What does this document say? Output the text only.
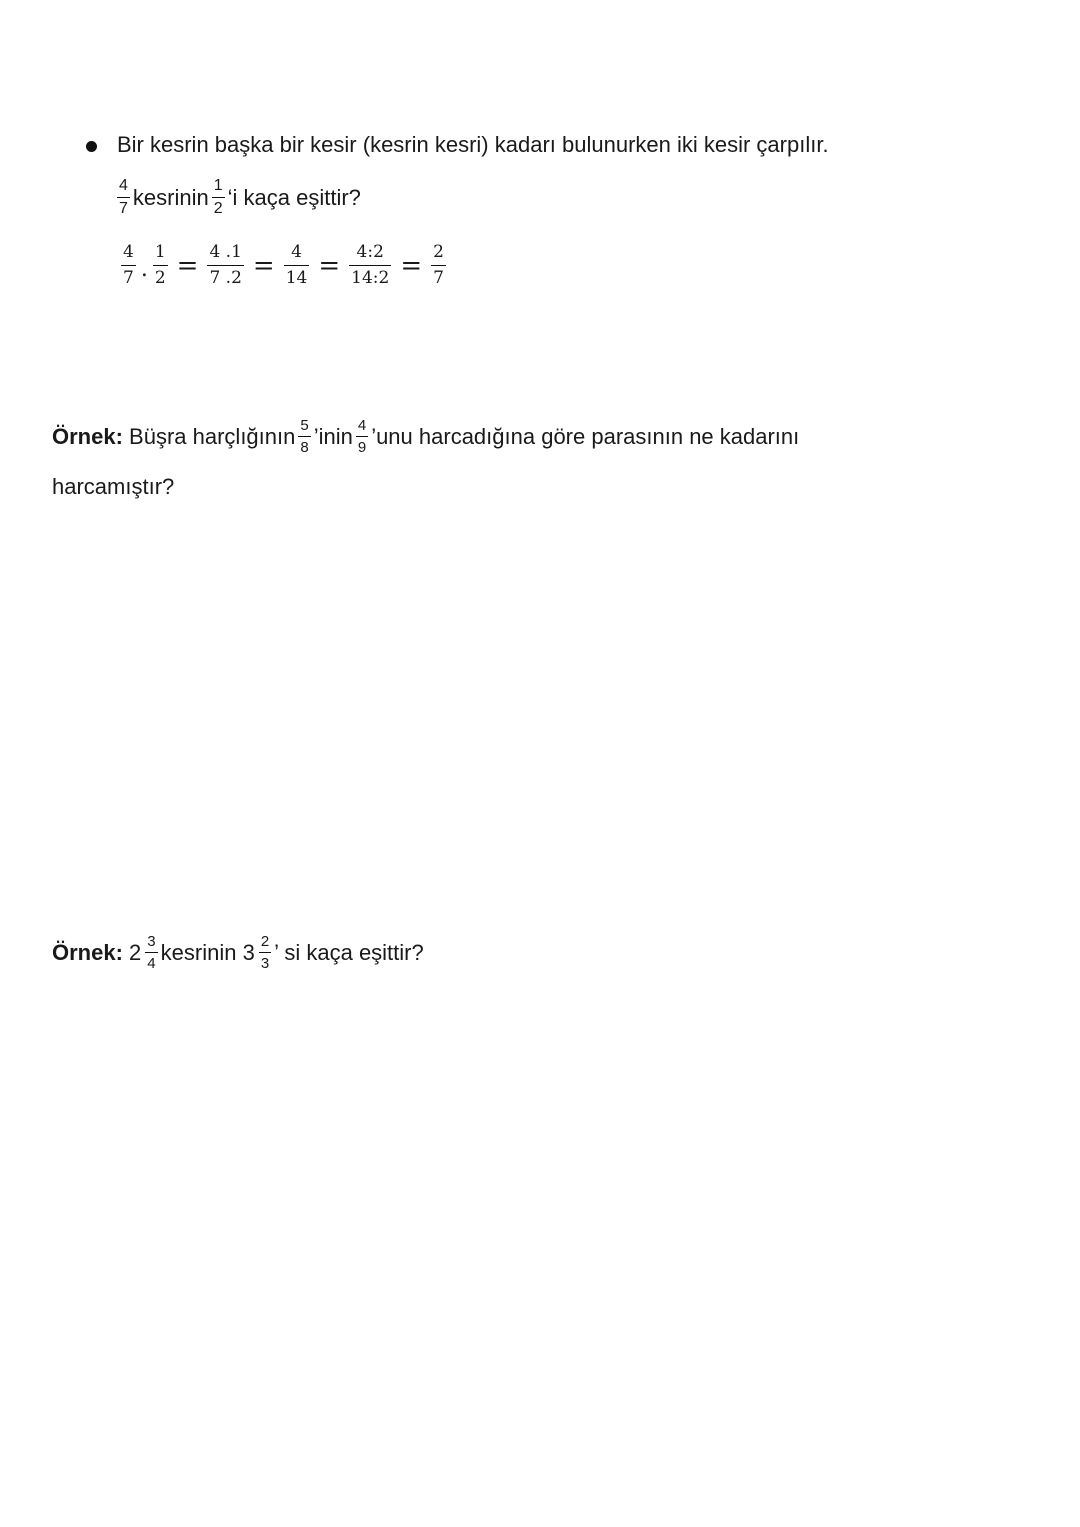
Bir kesrin başka bir kesir (kesrin kesri) kadarı bulunurken iki kesir çarpılır.
$\frac{4}{7}$ kesrinin $\frac{1}{2}$ ‘i kaça eşittir?
$\frac{4}{7}$ . $\frac{1}{2} = \frac{4 .1}{7 .2} = \frac{4}{14} = \frac{4:2}{14:2} = \frac{2}{7}$
Örnek:
Büşra harçlığının $\frac{5}{8}$ ’inin $\frac{4}{9}$ ’unu harcadığına göre parasının ne kadarını
harcamıştır?
Örnek:
$2 \frac{3}{4}$ kesrinin
$3 \frac{2}{3}$ ’ si kaça eşittir?
